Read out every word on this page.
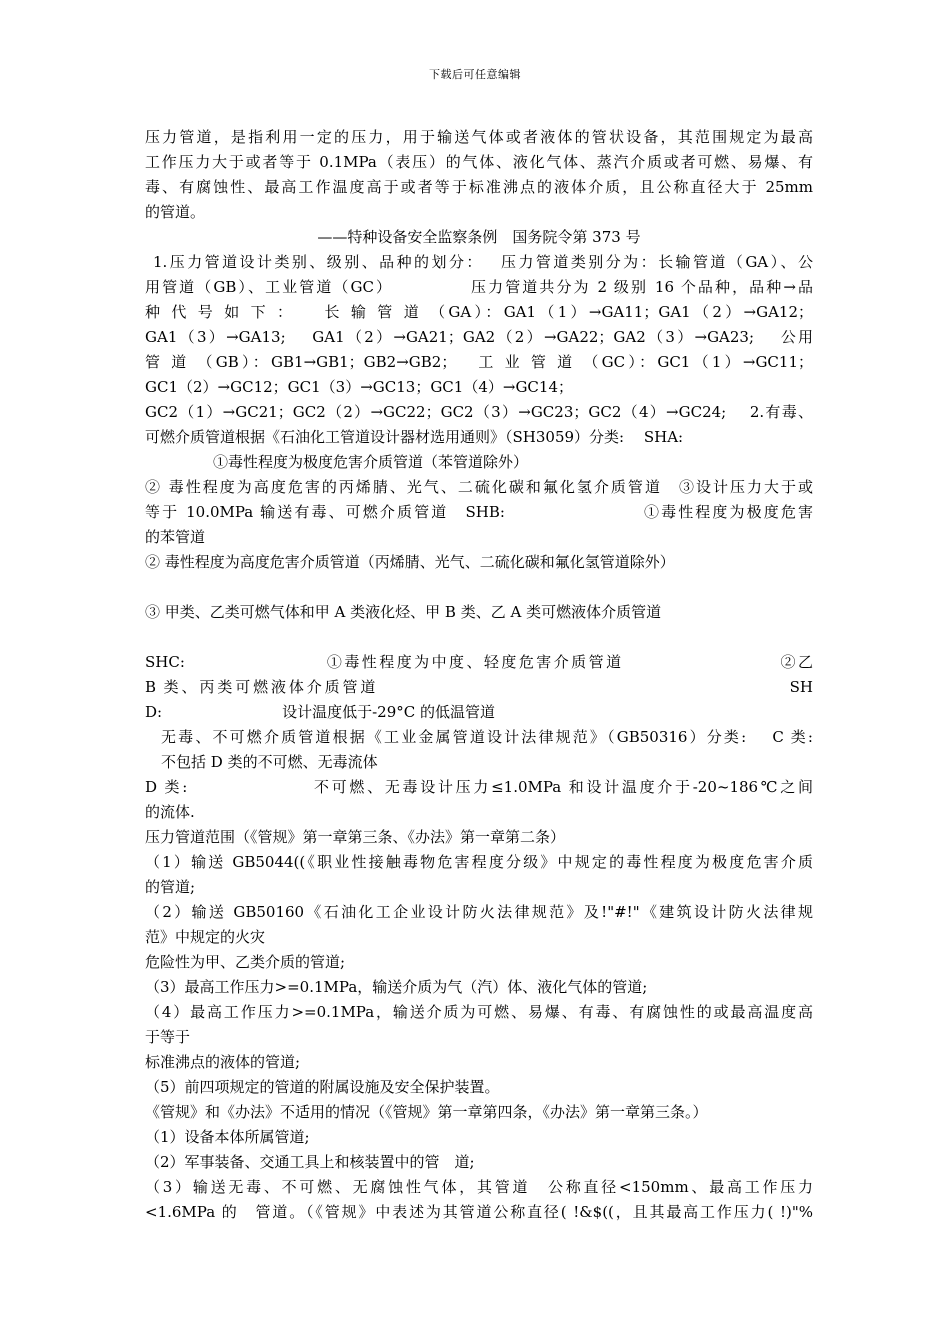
下载后可任意编辑
压力管道，是指利用一定的压力，用于输送气体或者液体的管状设备，其范围规定为最高
工作压力大于或者等于 0.1MPa（表压）的气体、液化气体、蒸汽介质或者可燃、易爆、有
毒、有腐蚀性、最高工作温度高于或者等于标准沸点的液体介质，且公称直径大于 25mm
的管道。
——特种设备安全监察条例　国务院令第 373 号
1.压力管道设计类别、级别、品种的划分：　 压力管道类别分为：长输管道（GA）、公
用管道（GB）、工业管道（GC）　　　　　压力管道共分为 2 级别 16 个品种，品种→品
种 代 号 如 下 ：　　长 输 管 道 （GA）：GA1（1）→GA11；GA1（2）→GA12；
GA1（3）→GA13;　 GA1（2）→GA21；GA2（2）→GA22；GA2（3）→GA23;　 公用
管 道 （GB）：GB1→GB1；GB2→GB2；　 工 业 管 道 （GC）：GC1（1）→GC11；
GC1（2）→GC12；GC1（3）→GC13；GC1（4）→GC14；
GC2（1）→GC21；GC2（2）→GC22；GC2（3）→GC23；GC2（4）→GC24;　 2.有毒、
可燃介质管道根据《石油化工管道设计器材选用通则》（SH3059）分类:　 SHA:
①毒性程度为极度危害介质管道（苯管道除外）
② 毒性程度为高度危害的丙烯腈、光气、二硫化碳和氟化氢介质管道　③设计压力大于或
等于 10.0MPa 输送有毒、可燃介质管道　SHB:　　　　　　　　①毒性程度为极度危害
的苯管道
② 毒性程度为高度危害介质管道（丙烯腈、光气、二硫化碳和氟化氢管道除外）
③ 甲类、乙类可燃气体和甲 A 类液化烃、甲 B 类、乙 A 类可燃液体介质管道
SHC:　　　　　　　　①毒性程度为中度、轻度危害介质管道　　　　　　　　　②乙
B 类、丙类可燃液体介质管道　　　　　　　　　　　　　　　　　　　　　　　SH
D:　　　　　　　　设计温度低于-29°C 的低温管道
无毒、不可燃介质管道根据《工业金属管道设计法律规范》（GB50316）分类:　 C 类:
不包括 D 类的不可燃、无毒流体
D 类:　　　　　　　不可燃、无毒设计压力≤1.0MPa 和设计温度介于-20~186℃之间
的流体.
压力管道范围（《管规》第一章第三条、《办法》第一章第二条）
（1）输送 GB5044((《职业性接触毒物危害程度分级》中规定的毒性程度为极度危害介质
的管道;
（2）输送 GB50160《石油化工企业设计防火法律规范》及!"#!"《建筑设计防火法律规
范》中规定的火灾
危险性为甲、乙类介质的管道;
（3）最高工作压力>=0.1MPa，输送介质为气（汽）体、液化气体的管道;
（4）最高工作压力>=0.1MPa，输送介质为可燃、易爆、有毒、有腐蚀性的或最高温度高
于等于
标准沸点的液体的管道;
（5）前四项规定的管道的附属设施及安全保护装置。
《管规》和《办法》不适用的情况（《管规》第一章第四条，《办法》第一章第三条。）
（1）设备本体所属管道;
（2）军事装备、交通工具上和核装置中的管　道;
（3）输送无毒、不可燃、无腐蚀性气体，其管道　公称直径<150mm、最高工作压力
<1.6MPa 的　管道。（《管规》中表述为其管道公称直径( !&$((，且其最高工作压力( !)"%
